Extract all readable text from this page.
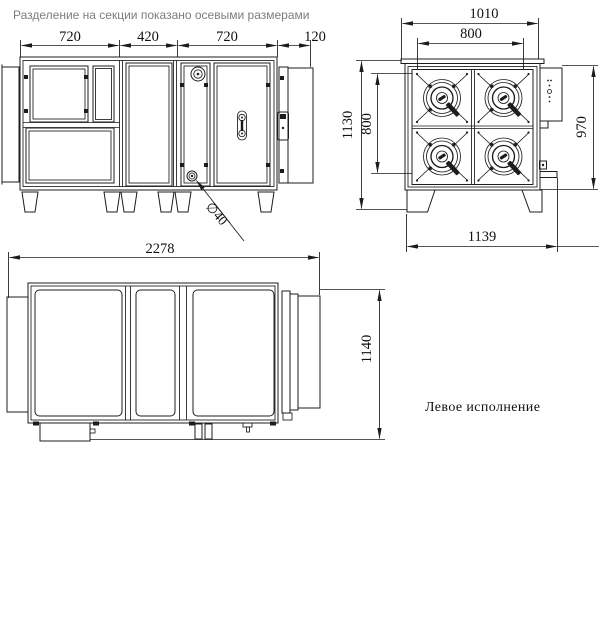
Разделение на секции показано осевыми размерами
720	420	720	120
∅40
1010
800
1130 800	970
1139
2278
1140
Левое исполнение
